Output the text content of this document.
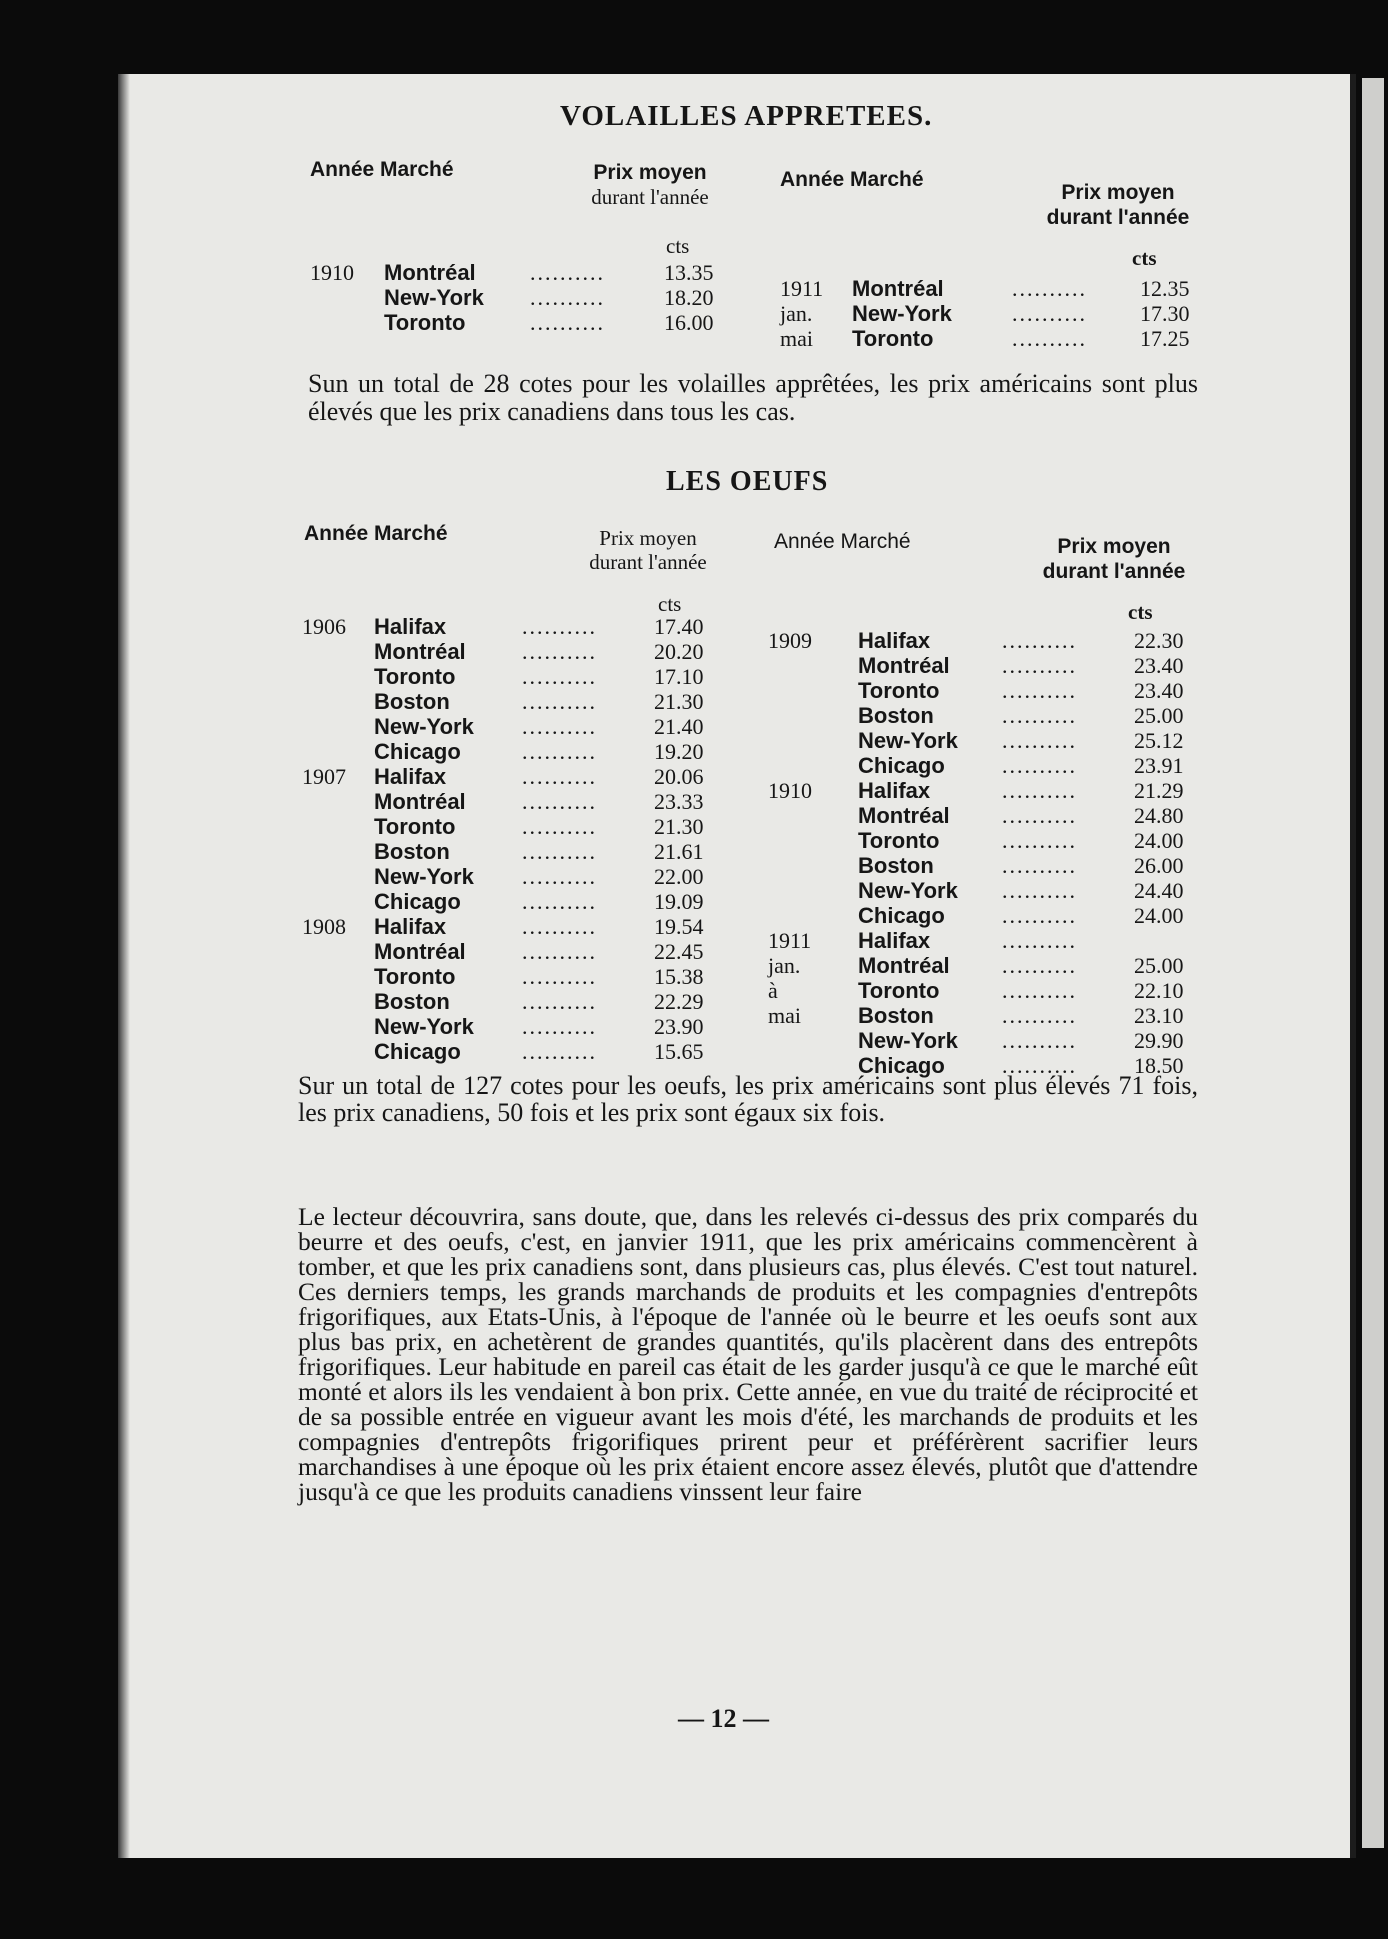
VOLAILLES APPRETEES.
Année Marché	Prix moyen
durant l'année
cts
Année Marché
Prix moyen
durant l'année
cts
1910 Montréal ..........	13.35
New-York ..........	18.20
Toronto	..........	16.00
1911 Montréal	.......... 12.35
jan. New-York	.......... 17.30
mai Toronto	.......... 17.25
Sun un total de 28 cotes pour les volailles apprêtées, les prix américains sont plus élevés que les prix canadiens dans tous les cas.
LES OEUFS
Année Marché	Prix moyen
durant l'année
cts
Année Marché	Prix moyen
durant l'année
cts
1906 Halifax	..........	17.40
Montréal	..........	20.20
Toronto	..........	17.10
Boston	..........	21.30
New-York ..........	21.40
Chicago	..........	19.20
1907 Halifax	..........	20.06
Montréal	..........	23.33
Toronto	..........	21.30
Boston	..........	21.61
New-York ..........	22.00
Chicago	..........	19.09
1908 Halifax	..........	19.54
Montréal	..........	22.45
Toronto	..........	15.38
Boston	..........	22.29
New-York ..........	23.90
Chicago	..........	15.65
1909 Halifax	..........	22.30
Montréal ..........	23.40
Toronto	..........	23.40
Boston	..........	25.00
New-York ..........	25.12
Chicago	..........	23.91
1910 Halifax	..........	21.29
Montréal ..........	24.80
Toronto	..........	24.00
Boston	..........	26.00
New-York ..........	24.40
Chicago	..........	24.00
1911 Halifax	..........
jan.	Montréal ..........	25.00
à	Toronto	..........	22.10
mai	Boston	..........	23.10
New-York ..........	29.90
Chicago	..........	18.50
Sur un total de 127 cotes pour les oeufs, les prix américains sont plus élevés 71 fois, les prix canadiens, 50 fois et les prix sont égaux six fois.
Le lecteur découvrira, sans doute, que, dans les relevés ci-dessus des prix comparés du beurre et des oeufs, c'est, en janvier 1911, que les prix américains commencèrent à tomber, et que les prix canadiens sont, dans plusieurs cas, plus élevés. C'est tout naturel. Ces derniers temps, les grands marchands de produits et les compagnies d'entrepôts frigorifiques, aux Etats-Unis, à l'époque de l'année où le beurre et les oeufs sont aux plus bas prix, en achetèrent de grandes quantités, qu'ils placèrent dans des entrepôts frigorifiques. Leur habitude en pareil cas était de les garder jusqu'à ce que le marché eût monté et alors ils les vendaient à bon prix. Cette année, en vue du traité de réciprocité et de sa possible entrée en vigueur avant les mois d'été, les marchands de produits et les compagnies d'entrepôts frigorifiques prirent peur et préférèrent sacrifier leurs marchandises à une époque où les prix étaient encore assez élevés, plutôt que d'attendre jusqu'à ce que les produits canadiens vinssent leur faire
— 12 —
